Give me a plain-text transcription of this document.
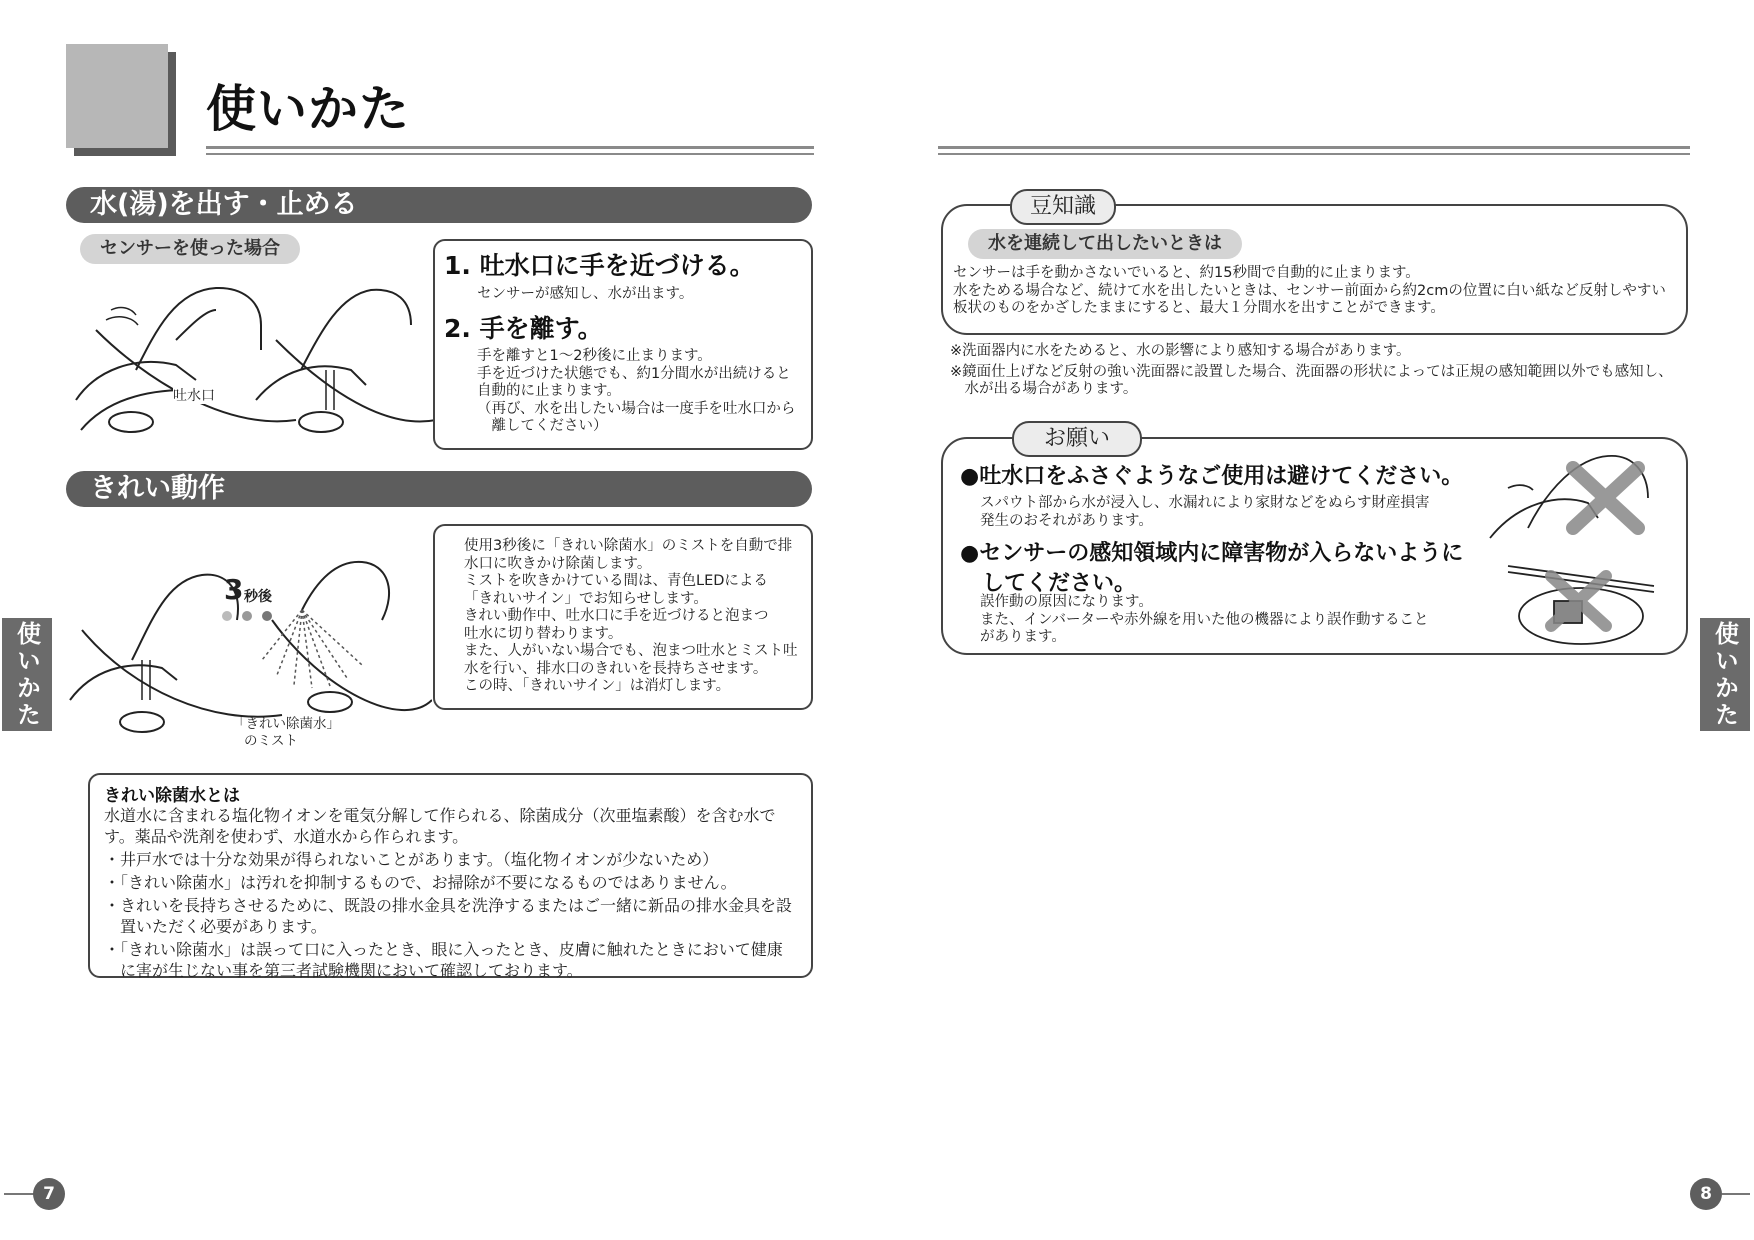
使いかた
水(湯)を出す・止める
センサーを使った場合
吐水口
1. 吐水口に手を近づける。
センサーが感知し、水が出ます。
2. 手を離す。

手を離すと1～2秒後に止まります。

手を近づけた状態でも、約1分間水が出続けると

自動的に止まります。

（再び、水を出したい場合は一度手を吐水口から

　離してください）

きれい動作
3 秒後
「きれい除菌水」
のミスト

使用3秒後に「きれい除菌水」のミストを自動で排

水口に吹きかけ除菌します。

ミストを吹きかけている間は、青色LEDによる

「きれいサイン」でお知らせします。

きれい動作中、吐水口に手を近づけると泡まつ

吐水に切り替わります。

また、人がいない場合でも、泡まつ吐水とミスト吐

水を行い、排水口のきれいを長持ちさせます。

この時、「きれいサイン」は消灯します。

きれい除菌水とは
水道水に含まれる塩化物イオンを電気分解して作られる、除菌成分（次亜塩素酸）を含む水で
す。薬品や洗剤を使わず、水道水から作られます。
・井戸水では十分な効果が得られないことがあります。（塩化物イオンが少ないため）
・「きれい除菌水」は汚れを抑制するもので、お掃除が不要になるものではありません。
・きれいを長持ちさせるために、既設の排水金具を洗浄するまたはご一緒に新品の排水金具を設
　置いただく必要があります。
・「きれい除菌水」は誤って口に入ったとき、眼に入ったとき、皮膚に触れたときにおいて健康
　に害が生じない事を第三者試験機関において確認しております。
使いかた
7
豆知識
水を連続して出したいときは

センサーは手を動かさないでいると、約15秒間で自動的に止まります。

水をためる場合など、続けて水を出したいときは、センサー前面から約2cmの位置に白い紙など反射しやすい

板状のものをかざしたままにすると、最大１分間水を出すことができます。

※洗面器内に水をためると、水の影響により感知する場合があります。

※鏡面仕上げなど反射の強い洗面器に設置した場合、洗面器の形状によっては正規の感知範囲以外でも感知し、

　水が出る場合があります。

お願い
●吐水口をふさぐようなご使用は避けてください。

スパウト部から水が浸入し、水漏れにより家財などをぬらす財産損害

発生のおそれがあります。

●センサーの感知領域内に障害物が入らないように
　してください。

誤作動の原因になります。

また、インバーターや赤外線を用いた他の機器により誤作動すること

があります。	使いかた
8
